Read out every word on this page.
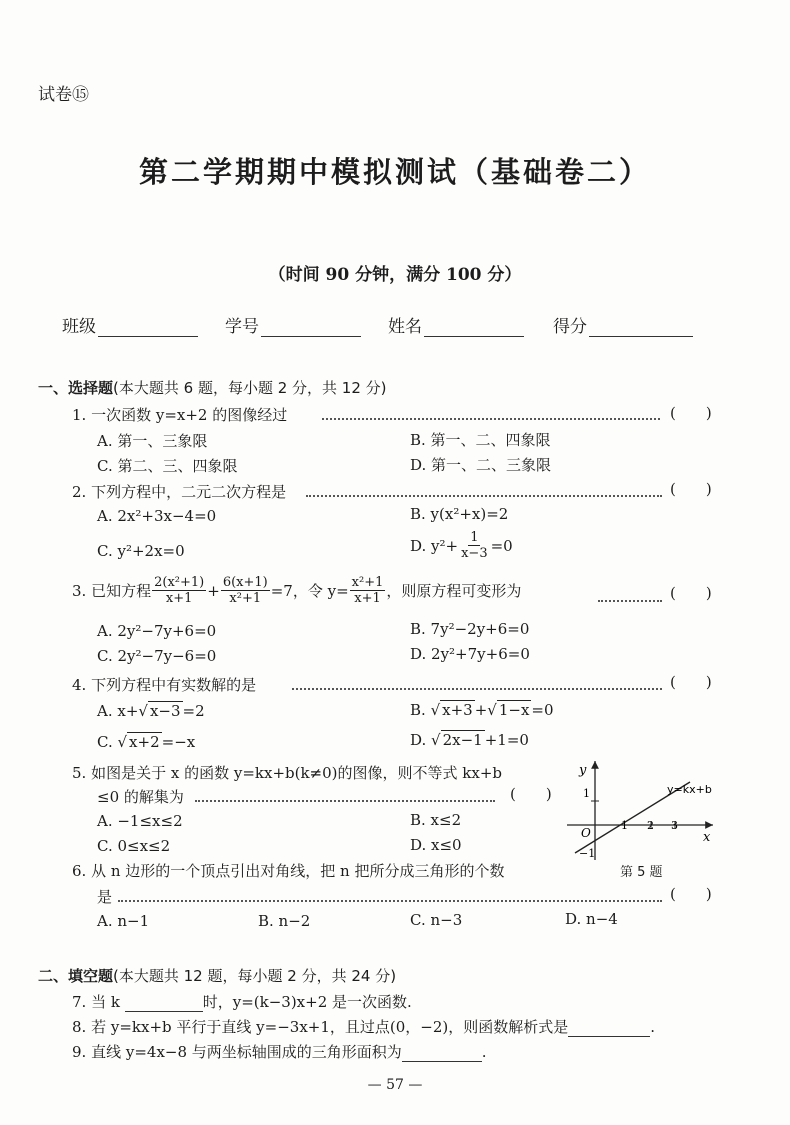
试卷⑮
第二学期期中模拟测试（基础卷二）
（时间 90 分钟，满分 100 分）
班级	学号	姓名	得分
一、选择题(本大题共 6 题，每小题 2 分，共 12 分)
1. 一次函数 y=x+2 的图像经过	(　　)
A. 第一、三象限	B. 第一、二、四象限
C. 第二、三、四象限	D. 第一、二、三象限
2. 下列方程中，二元二次方程是	(　　)
A. 2x²+3x−4=0	B. y(x²+x)=2
C. y²+2x=0	D. $y^2+ \frac{1}{x-3} =0$
3.
已知方程 $\frac{\text{2(x²+1)}}{x+1} + \frac{6(x+1)}{\text{x²+1}} =7$，令 $y= \frac{\text{x²+1}}{x+1}$ ，则原方程可变形为	(　　)
A. 2y²−7y+6=0	B. 7y²−2y+6=0
C. 2y²−7y−6=0	D. 2y²+7y+6=0
4. 下列方程中有实数解的是	(　　)
A. x+√ x−3 =2	B. √ x+3 +√ 1−x =0
C. √ x+2 =−x	D. √ 2x−1 +1=0
5. 如图是关于 x 的函数 y=kx+b(k≠0)的图像，则不等式 kx+b
≤0 的解集为	(　　)
A. −1≤x≤2	B. x≤2
C. 0≤x≤2	D. x≤0
y
x
O
1 2 3
1
−1
y=kx+b
第 5 题
6. 从 n 边形的一个顶点引出对角线，把 n 把所分成三角形的个数
是	(　　)
A. n−1	B. n−2	C. n−3	D. n−4
二、填空题(本大题共 12 题，每小题 2 分，共 24 分)
7. 当 k	时，y=(k−3)x+2 是一次函数.
8. 若 y=kx+b 平行于直线 y=−3x+1，且过点(0，−2)，则函数解析式是	.
9. 直线 y=4x−8 与两坐标轴围成的三角形面积为	.
— 57 —
